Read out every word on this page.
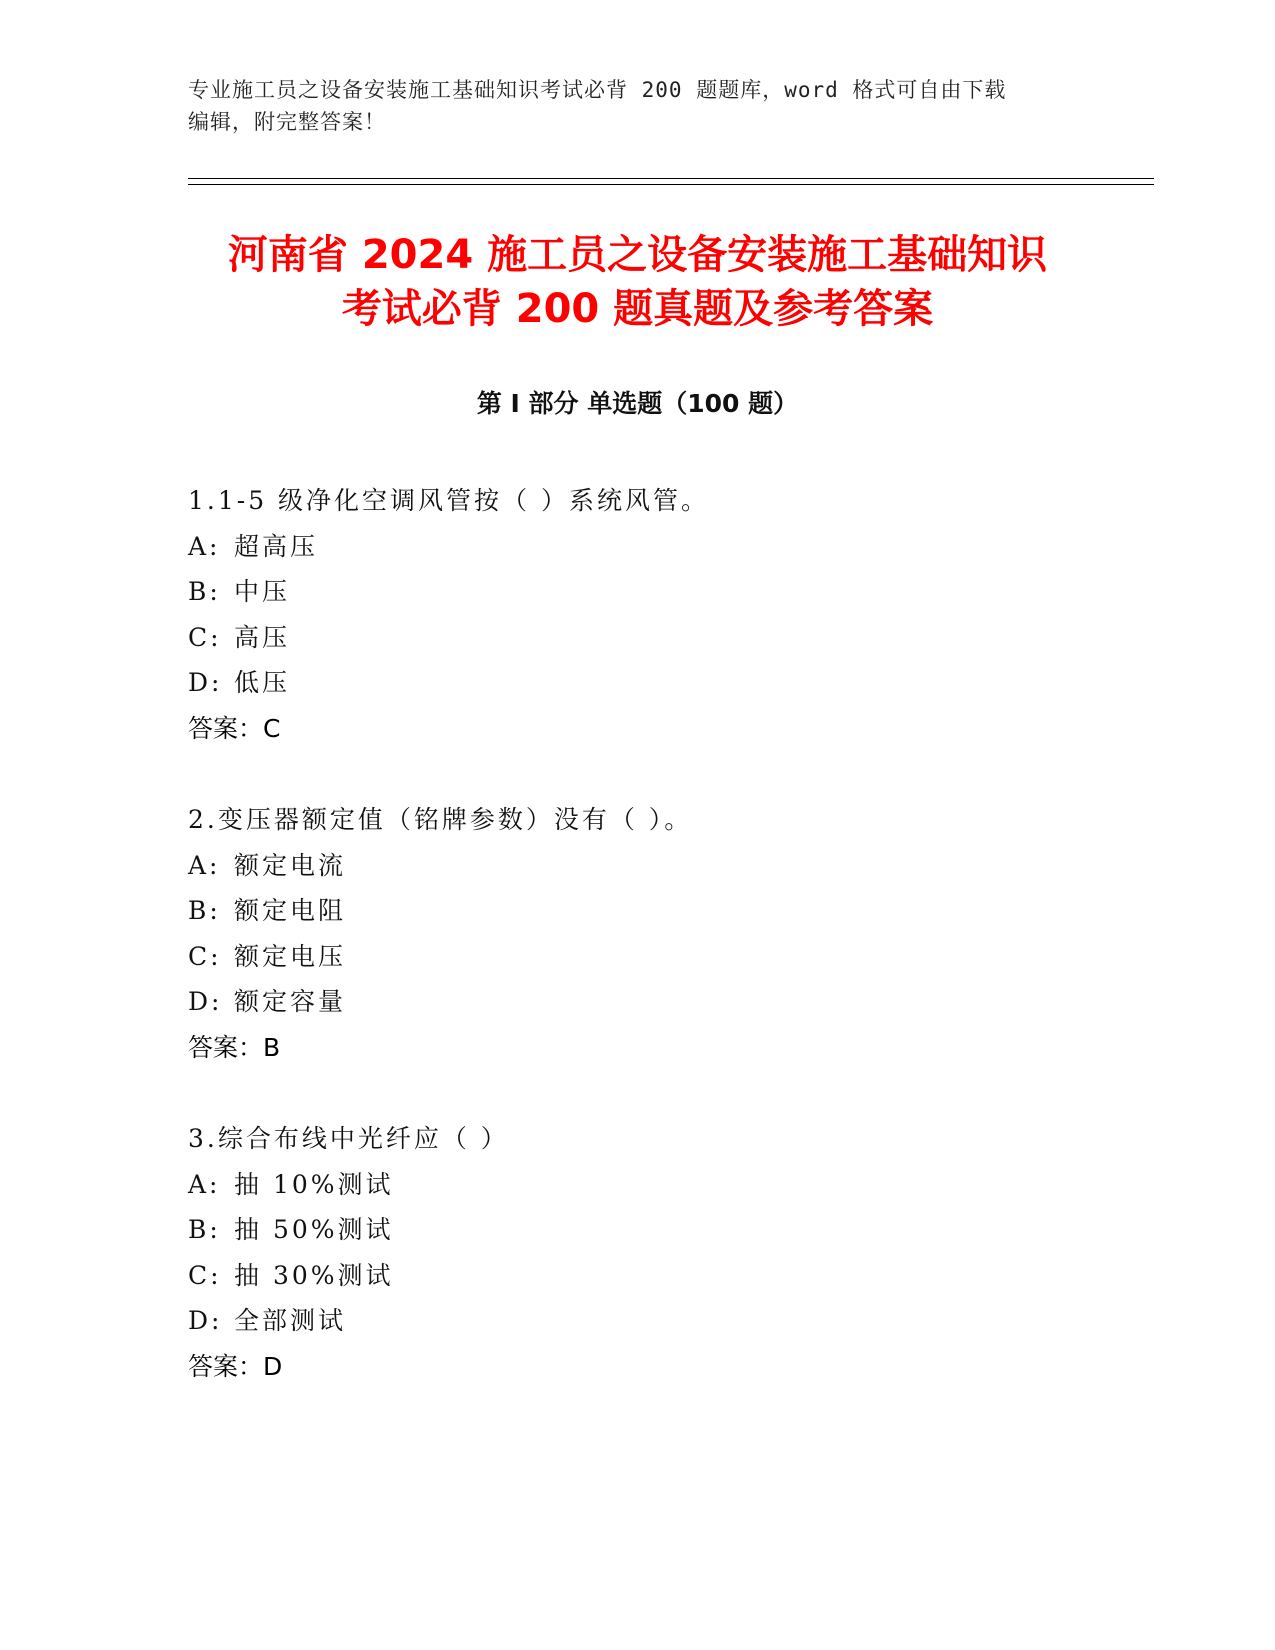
专业施工员之设备安装施工基础知识考试必背 200 题题库，word 格式可自由下载
编辑，附完整答案！
河南省 2024 施工员之设备安装施工基础知识
考试必背 200 题真题及参考答案
第 I 部分 单选题（100 题）
1.1-5 级净化空调风管按（ ）系统风管。
A: 超高压
B: 中压
C: 高压
D: 低压
答案：C
2.变压器额定值（铭牌参数）没有（ ）。
A: 额定电流
B: 额定电阻
C: 额定电压
D: 额定容量
答案：B
3.综合布线中光纤应（ ）
A: 抽 10%测试
B: 抽 50%测试
C: 抽 30%测试
D: 全部测试
答案：D
